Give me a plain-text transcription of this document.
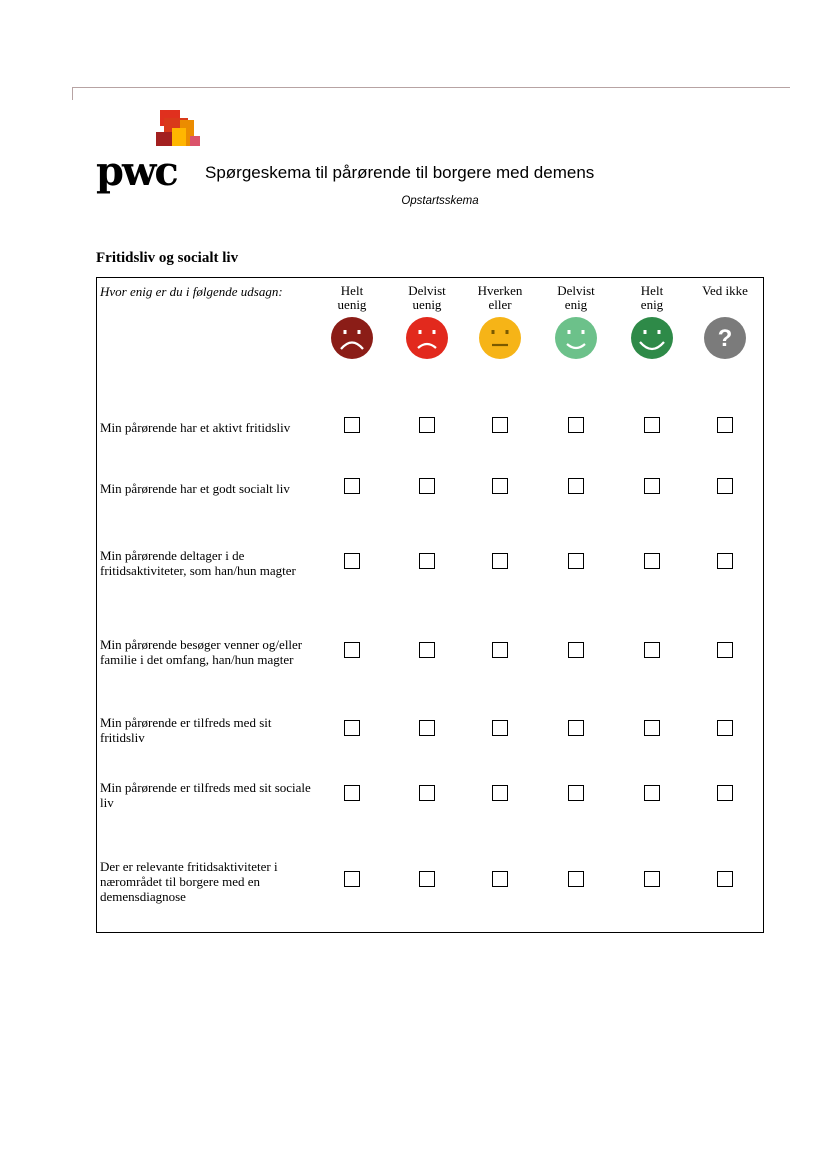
pwc Spørgeskema til pårørende til borgere med demens
Opstartsskema
Fritidsliv og socialt liv
Hvor enig er du i følgende udsagn:	Helt
uenig
Delvist
uenig
Hverken
eller
Delvist
enig
Helt
enig
Ved ikke
?
Min pårørende har et aktivt fritidsliv
Min pårørende har et godt socialt liv
Min pårørende deltager i de fritidsaktiviteter, som han/hun magter
Min pårørende besøger venner og/eller familie i det omfang, han/hun magter
Min pårørende er tilfreds med sit fritidsliv
Min pårørende er tilfreds med sit sociale liv
Der er relevante fritidsaktiviteter i nærområdet til borgere med en demensdiagnose
